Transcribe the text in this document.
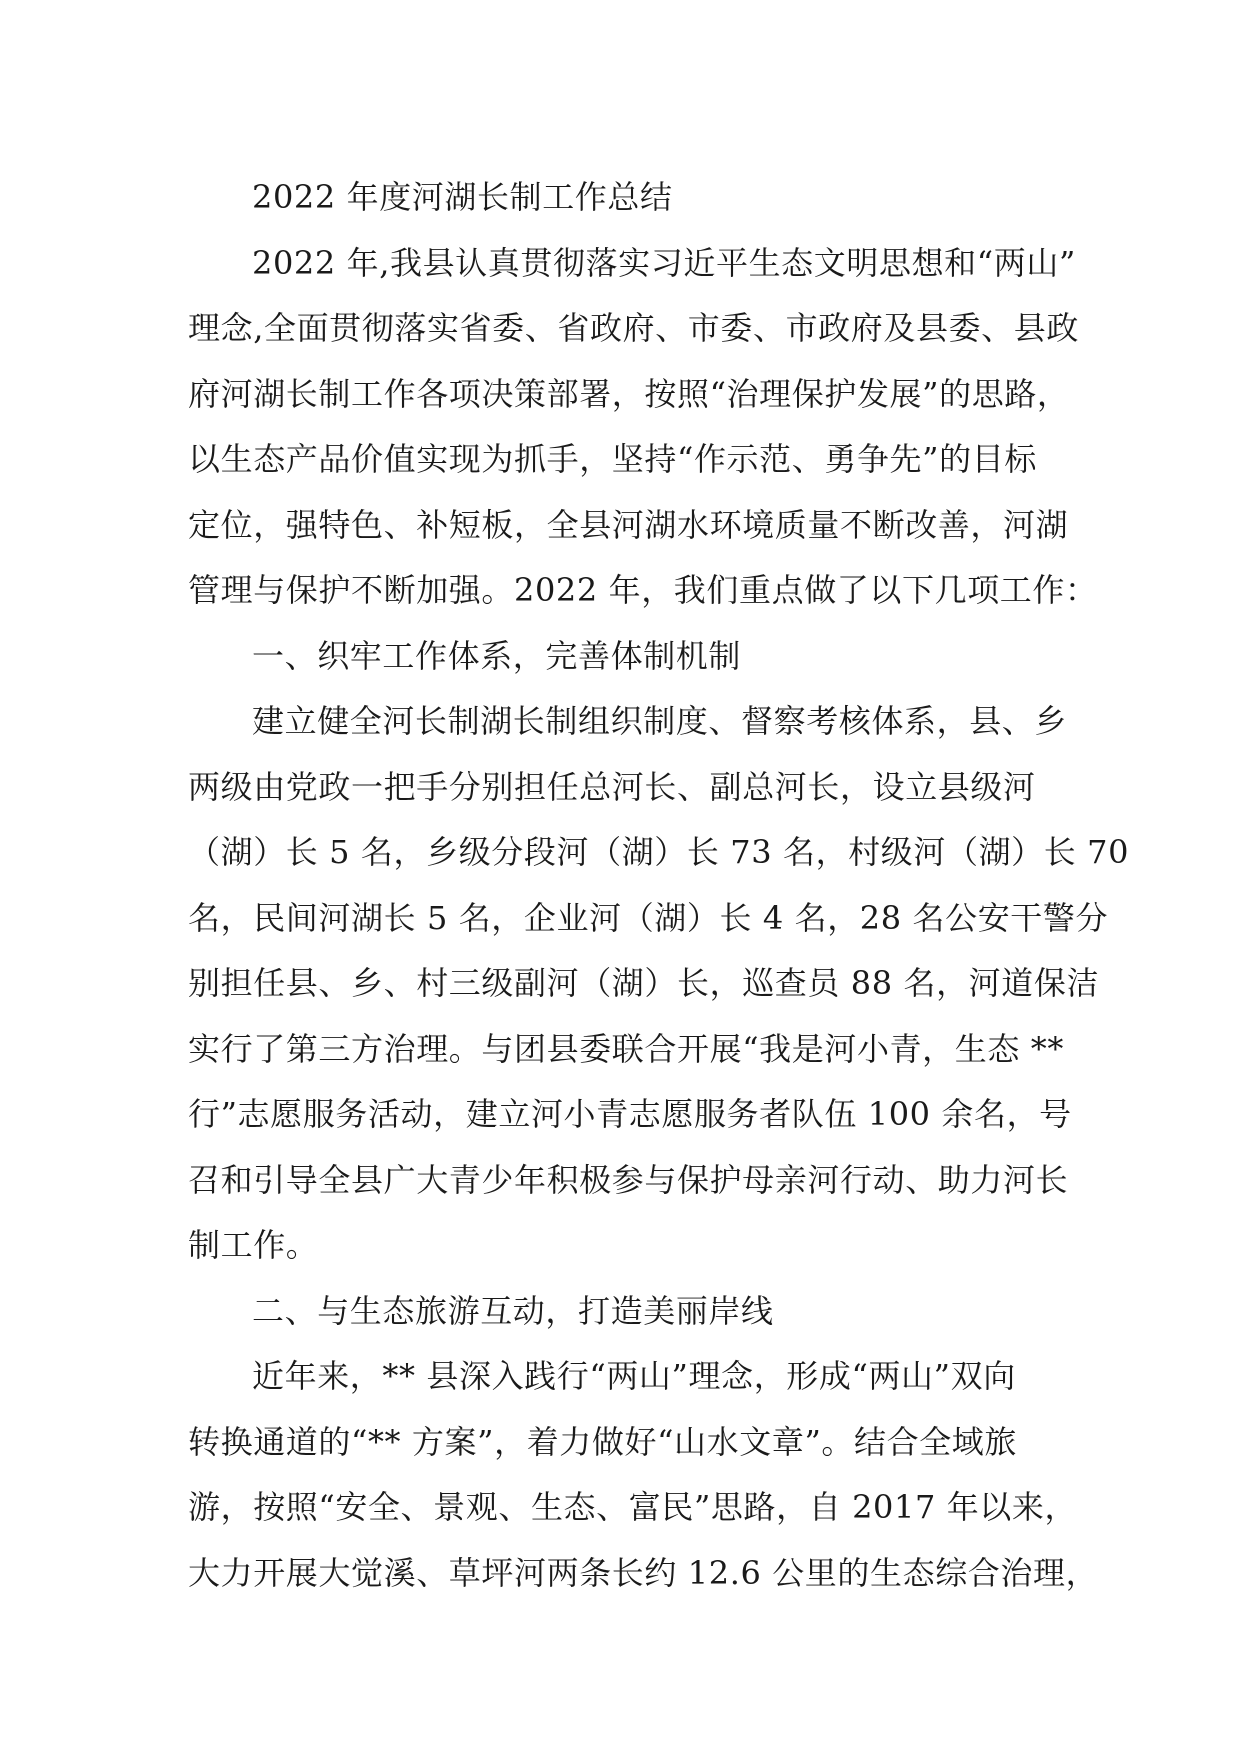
2022 年度河湖长制工作总结
2022 年,我县认真贯彻落实习近平生态文明思想和“两山”
理念,全面贯彻落实省委、省政府、市委、市政府及县委、县政
府河湖长制工作各项决策部署，按照“治理保护发展”的思路，
以生态产品价值实现为抓手，坚持“作示范、勇争先”的目标
定位，强特色、补短板，全县河湖水环境质量不断改善，河湖
管理与保护不断加强。2022 年，我们重点做了以下几项工作：
一、织牢工作体系，完善体制机制
建立健全河长制湖长制组织制度、督察考核体系，县、乡
两级由党政一把手分别担任总河长、副总河长，设立县级河
（湖）长 5 名，乡级分段河（湖）长 73 名，村级河（湖）长 70
名，民间河湖长 5 名，企业河（湖）长 4 名，28 名公安干警分
别担任县、乡、村三级副河（湖）长，巡查员 88 名，河道保洁
实行了第三方治理。与团县委联合开展“我是河小青，生态 **
行”志愿服务活动，建立河小青志愿服务者队伍 100 余名，号
召和引导全县广大青少年积极参与保护母亲河行动、助力河长
制工作。
二、与生态旅游互动，打造美丽岸线
近年来，** 县深入践行“两山”理念，形成“两山”双向
转换通道的“** 方案”，着力做好“山水文章”。结合全域旅
游，按照“安全、景观、生态、富民”思路，自 2017 年以来，
大力开展大觉溪、草坪河两条长约 12.6 公里的生态综合治理，
